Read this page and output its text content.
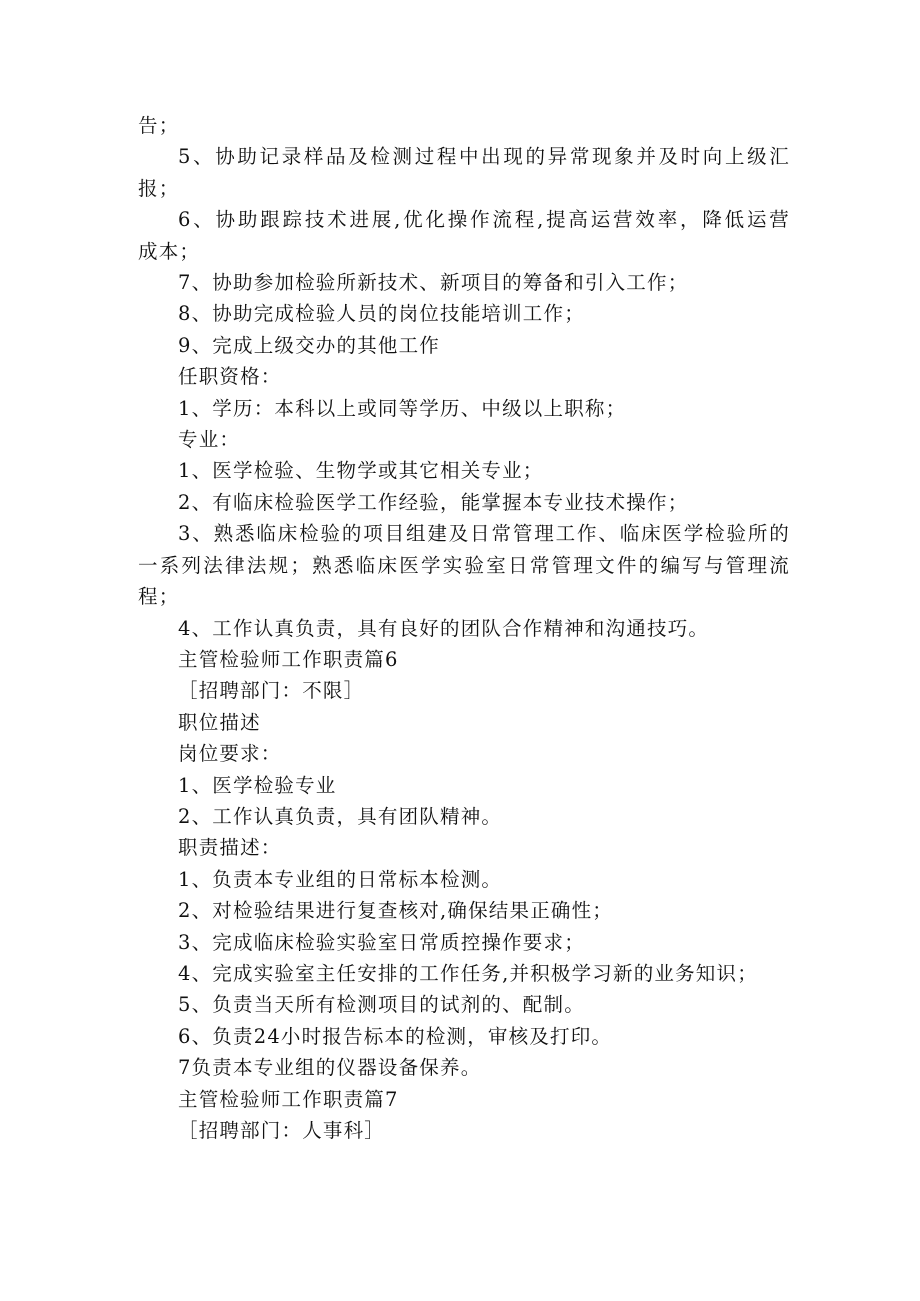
告；
5、协助记录样品及检测过程中出现的异常现象并及时向上级汇
报；
6、协助跟踪技术进展,优化操作流程,提高运营效率，降低运营
成本；
7、协助参加检验所新技术、新项目的筹备和引入工作；
8、协助完成检验人员的岗位技能培训工作；
9、完成上级交办的其他工作
任职资格：
1、学历：本科以上或同等学历、中级以上职称；
专业：
1、医学检验、生物学或其它相关专业；
2、有临床检验医学工作经验，能掌握本专业技术操作；
3、熟悉临床检验的项目组建及日常管理工作、临床医学检验所的
一系列法律法规；熟悉临床医学实验室日常管理文件的编写与管理流
程；
4、工作认真负责，具有良好的团队合作精神和沟通技巧。
主管检验师工作职责篇6
［招聘部门：不限］
职位描述
岗位要求：
1、医学检验专业
2、工作认真负责，具有团队精神。
职责描述：
1、负责本专业组的日常标本检测。
2、对检验结果进行复查核对,确保结果正确性；
3、完成临床检验实验室日常质控操作要求；
4、完成实验室主任安排的工作任务,并积极学习新的业务知识；
5、负责当天所有检测项目的试剂的、配制。
6、负责24小时报告标本的检测，审核及打印。
7负责本专业组的仪器设备保养。
主管检验师工作职责篇7
［招聘部门：人事科］
